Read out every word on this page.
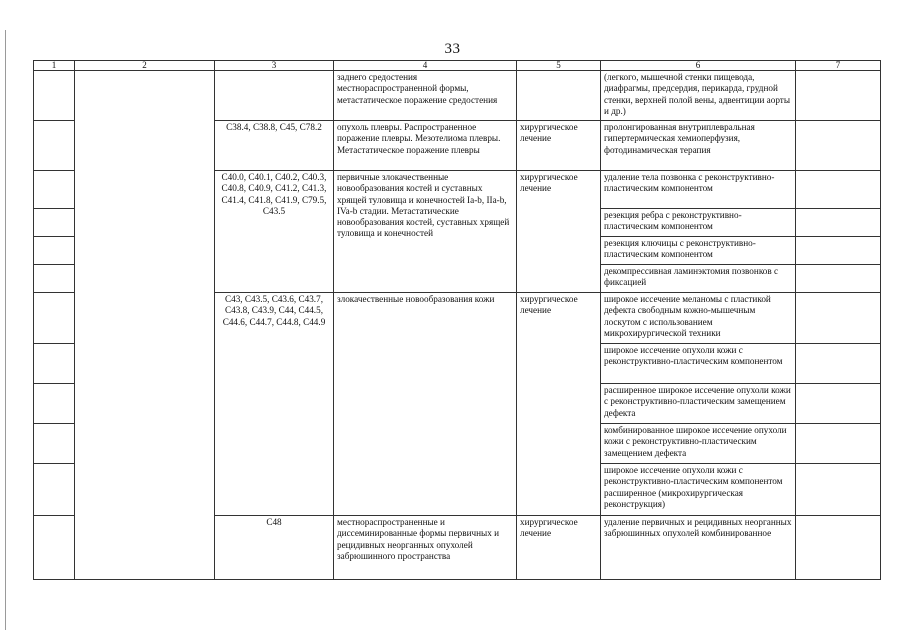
33
1	2	3	4	5	6	7
			заднего средостения местнораспространенной формы, метастатическое поражение средостения		(легкого, мышечной стенки пищевода, диафрагмы, предсердия, перикарда, грудной стенки, верхней полой вены, адвентиции аорты и др.)	
		C38.4, C38.8, C45, C78.2	опухоль плевры. Распространенное поражение плевры. Мезотелиома плевры. Метастатическое поражение плевры	хирургическое лечение	пролонгированная внутриплевральная гипертермическая хемиоперфузия, фотодинамическая терапия	
		C40.0, C40.1, C40.2, C40.3, C40.8, C40.9, C41.2, C41.3, C41.4, C41.8, C41.9, C79.5, C43.5	первичные злокачественные новообразования костей и суставных хрящей туловища и конечностей Ia-b, IIa-b, IVa-b стадии. Метастатические новообразования костей, суставных хрящей туловища и конечностей	хирургическое лечение	удаление тела позвонка с реконструктивно-пластическим компонентом	
					резекция ребра с реконструктивно-пластическим компонентом	
					резекция ключицы с реконструктивно-пластическим компонентом	
					декомпрессивная ламинэктомия позвонков с фиксацией	
		C43, C43.5, C43.6, C43.7, C43.8, C43.9, C44, C44.5, C44.6, C44.7, C44.8, C44.9	злокачественные новообразования кожи	хирургическое лечение	широкое иссечение меланомы с пластикой дефекта свободным кожно-мышечным лоскутом с использованием микрохирургической техники	
					широкое иссечение опухоли кожи с реконструктивно-пластическим компонентом	
					расширенное широкое иссечение опухоли кожи с реконструктивно-пластическим замещением дефекта	
					комбинированное широкое иссечение опухоли кожи с реконструктивно-пластическим замещением дефекта	
					широкое иссечение опухоли кожи с реконструктивно-пластическим компонентом расширенное (микрохирургическая реконструкция)	
		C48	местнораспространенные и диссеминированные формы первичных и рецидивных неорганных опухолей забрюшинного пространства	хирургическое лечение	удаление первичных и рецидивных неорганных забрюшинных опухолей комбинированное	
